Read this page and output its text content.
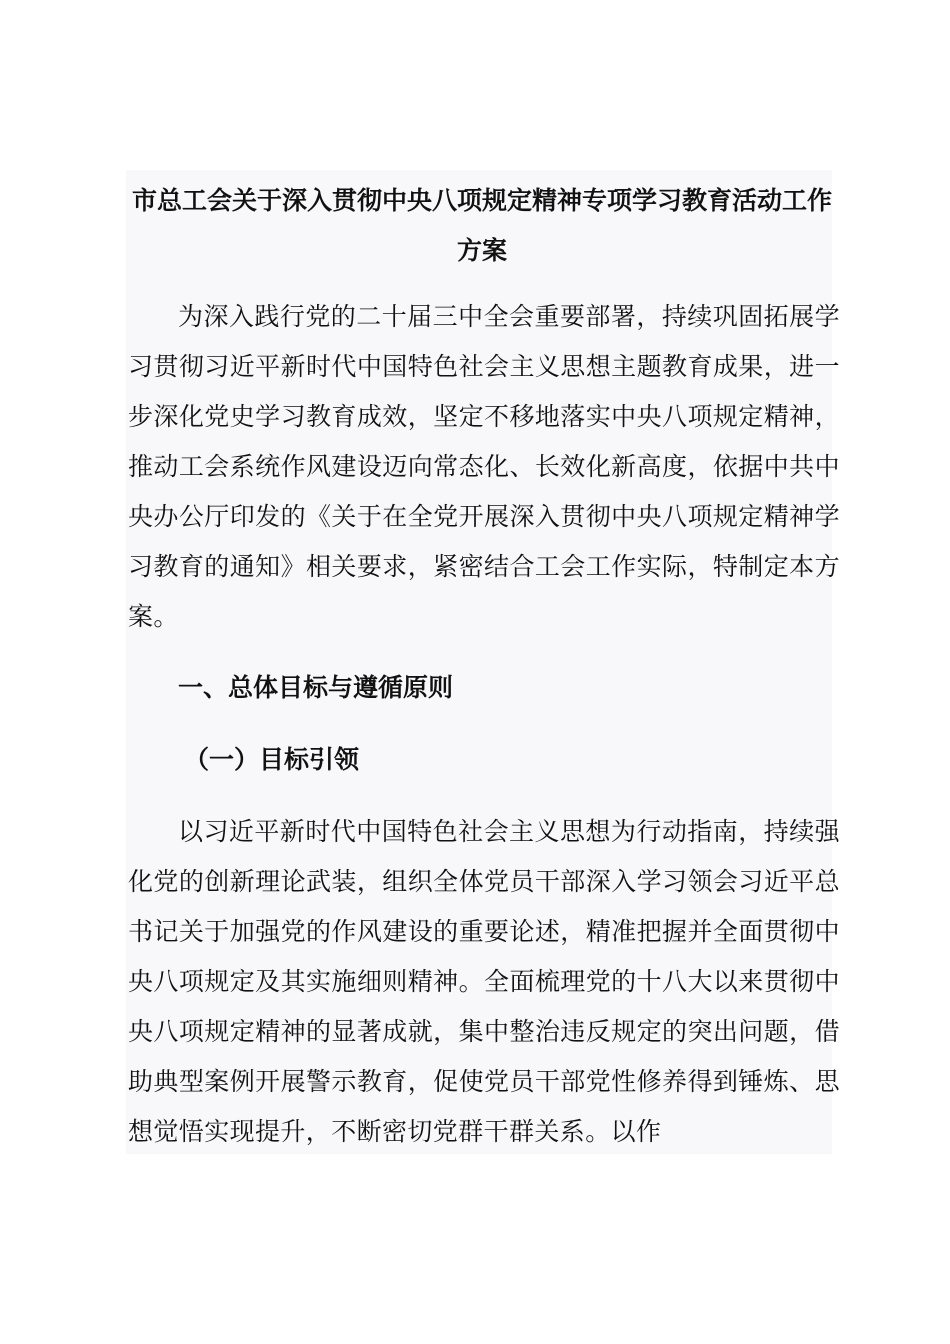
市总工会关于深入贯彻中央八项规定精神专项学习教育活动工作方案

为深入践行党的二十届三中全会重要部署，持续巩固拓展学习贯彻习近平新时代中国特色社会主义思想主题教育成果，进一步深化党史学习教育成效，坚定不移地落实中央八项规定精神，推动工会系统作风建设迈向常态化、长效化新高度，依据中共中央办公厅印发的《关于在全党开展深入贯彻中央八项规定精神学习教育的通知》相关要求，紧密结合工会工作实际，特制定本方案。

一、总体目标与遵循原则
（一）目标引领

以习近平新时代中国特色社会主义思想为行动指南，持续强化党的创新理论武装，组织全体党员干部深入学习领会习近平总书记关于加强党的作风建设的重要论述，精准把握并全面贯彻中央八项规定及其实施细则精神。全面梳理党的十八大以来贯彻中央八项规定精神的显著成就，集中整治违反规定的突出问题，借助典型案例开展警示教育，促使党员干部党性修养得到锤炼、思想觉悟实现提升，不断密切党群干群关系。以作
